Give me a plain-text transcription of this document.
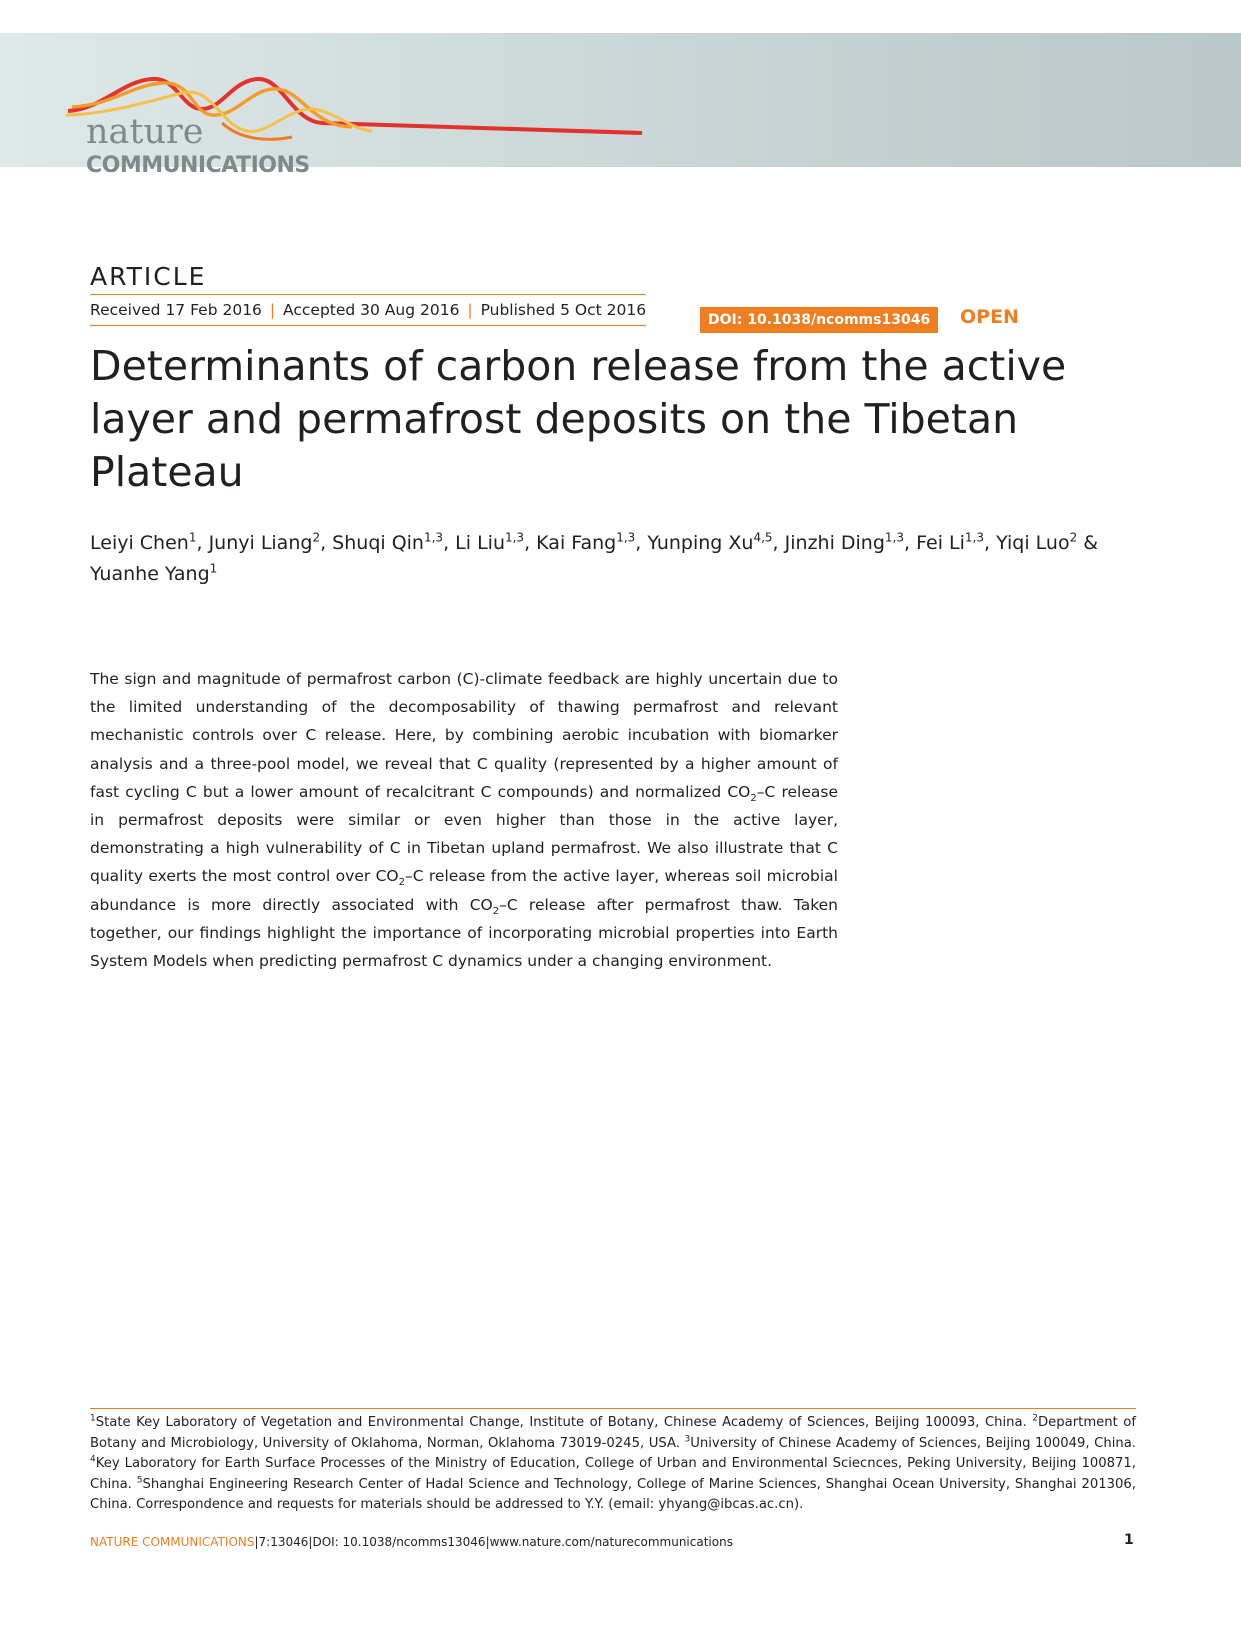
nature
COMMUNICATIONS
ARTICLE
Received 17 Feb 2016 | Accepted 30 Aug 2016 | Published 5 Oct 2016
DOI: 10.1038/ncomms13046	OPEN
Determinants of carbon release from the active layer and permafrost deposits on the Tibetan Plateau
Leiyi Chen$^1$, Junyi Liang$^2$, Shuqi Qin$^{1,3}$, Li Liu$^{1,3}$, Kai Fang$^{1,3}$, Yunping Xu$^{4,5}$, Jinzhi Ding$^{1,3}$, Fei Li$^{1,3}$, Yiqi Luo$^2$ & Yuanhe Yang$^1$

The sign and magnitude of permafrost carbon (C)-climate feedback are highly uncertain due to the limited understanding of the decomposability of thawing permafrost and relevant mechanistic controls over C release. Here, by combining aerobic incubation with biomarker analysis and a three-pool model, we reveal that C quality (represented by a higher amount of fast cycling C but a lower amount of recalcitrant C compounds) and normalized $CO_2-C$ release in permafrost deposits were similar or even higher than those in the active layer, demonstrating a high vulnerability of C in Tibetan upland permafrost. We also illustrate that C quality exerts the most control over $CO_2-C$ release from the active layer, whereas soil microbial abundance is more directly associated with $CO_2-C$ release after permafrost thaw. Taken together, our findings highlight the importance of incorporating microbial properties into Earth System Models when predicting permafrost C dynamics under a changing environment.

$^1$State Key Laboratory of Vegetation and Environmental Change, Institute of Botany, Chinese Academy of Sciences, Beijing 100093, China. $^2$Department of Botany and Microbiology, University of Oklahoma, Norman, Oklahoma 73019-0245, USA. $^3$University of Chinese Academy of Sciences, Beijing 100049, China. $^4$Key Laboratory for Earth Surface Processes of the Ministry of Education, College of Urban and Environmental Sciecnces, Peking University, Beijing 100871, China. $^5$Shanghai Engineering Research Center of Hadal Science and Technology, College of Marine Sciences, Shanghai Ocean University, Shanghai 201306, China. Correspondence and requests for materials should be addressed to Y.Y. (email: yhyang@ibcas.ac.cn).

NATURE COMMUNICATIONS|7:13046|DOI: 10.1038/ncomms13046|www.nature.com/naturecommunications	1
